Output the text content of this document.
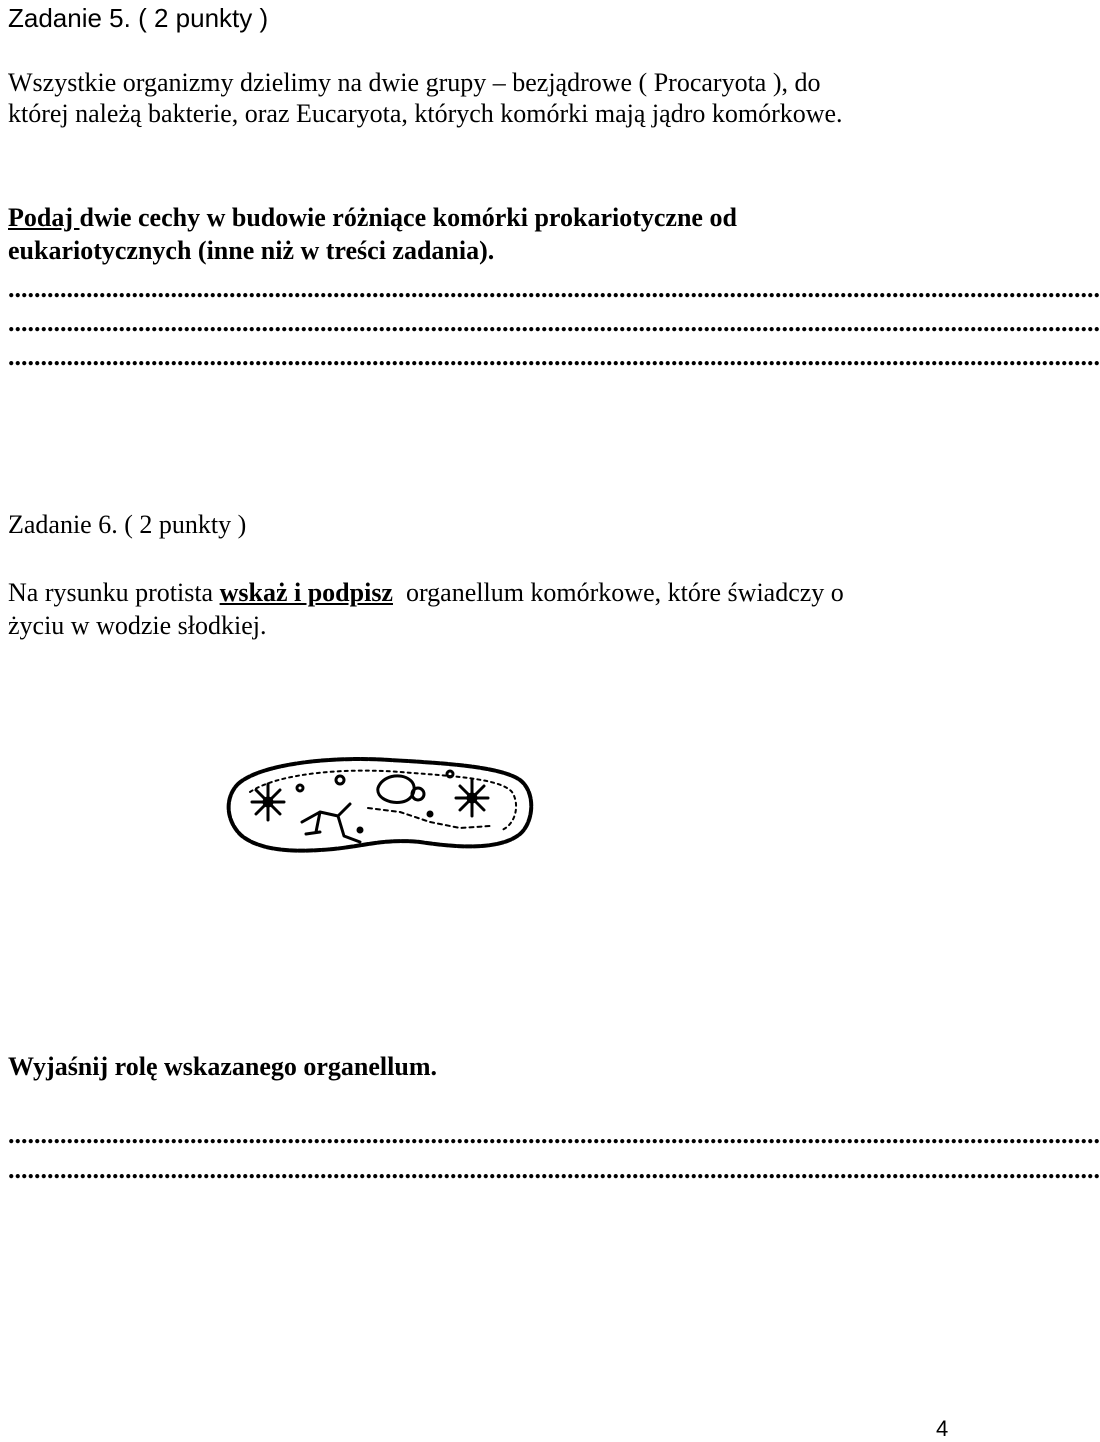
Zadanie 5. ( 2 punkty )
Wszystkie organizmy dzielimy na dwie grupy – bezjądrowe ( Procaryota ), do
której należą bakterie, oraz Eucaryota, których komórki mają jądro komórkowe.
Podaj dwie cechy w budowie różniące komórki prokariotyczne od
eukariotycznych (inne niż w treści zadania).
........................................................................................................................................................................
........................................................................................................................................................................
........................................................................................................................................................................
Zadanie 6. ( 2 punkty )
Na rysunku protista wskaż i podpisz  organellum komórkowe, które świadczy o
życiu w wodzie słodkiej.
Wyjaśnij rolę wskazanego organellum.
........................................................................................................................................................................
........................................................................................................................................................................
4
